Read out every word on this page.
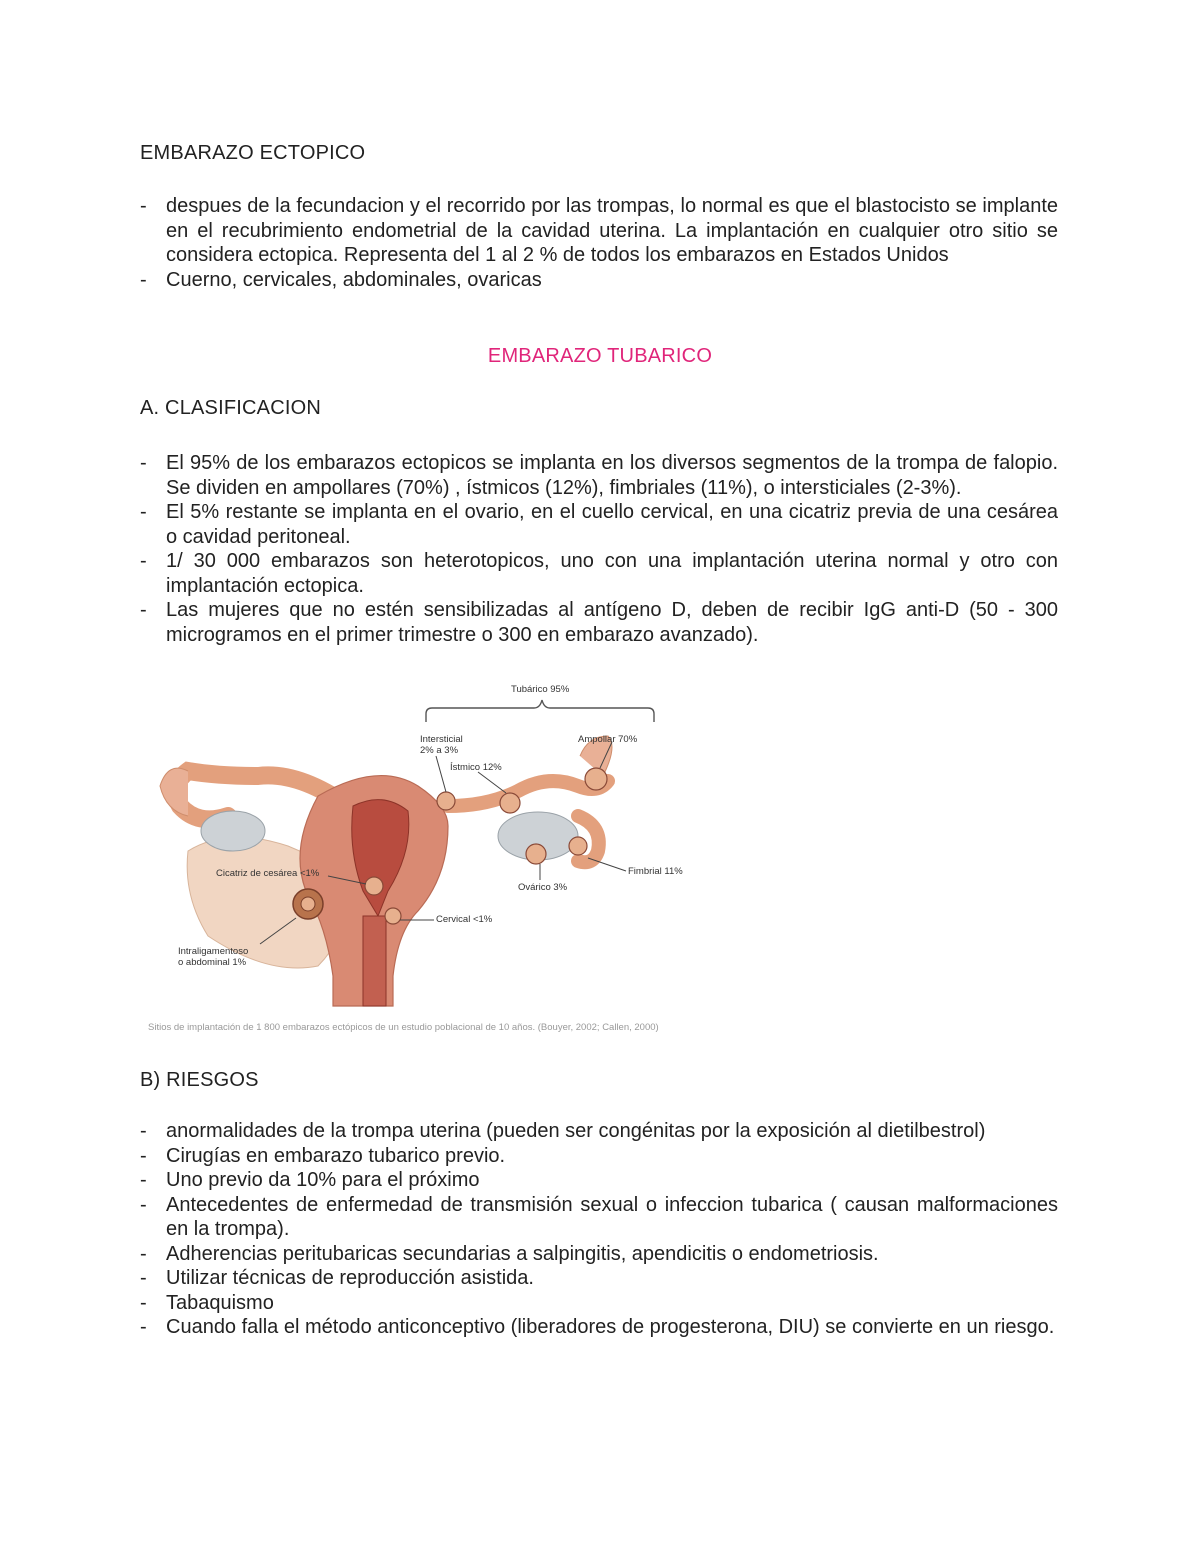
EMBARAZO ECTOPICO
- despues de la fecundacion y el recorrido por las trompas, lo normal es que el blastocisto se implante en el recubrimiento endometrial de la cavidad uterina. La implantación en cualquier otro sitio se considera ectopica. Representa del 1 al 2 % de todos los embarazos en Estados Unidos
- Cuerno, cervicales, abdominales, ovaricas
EMBARAZO TUBARICO
A. CLASIFICACION
- El 95% de los embarazos ectopicos se implanta en los diversos segmentos de la trompa de falopio. Se dividen en ampollares (70%) , ístmicos (12%), fimbriales (11%), o intersticiales (2-3%).
- El 5% restante se implanta en el ovario, en el cuello cervical, en una cicatriz previa de una cesárea o cavidad peritoneal.
- 1/ 30 000 embarazos son heterotopicos, uno con una implantación uterina normal y otro con implantación ectopica.
- Las mujeres que no estén sensibilizadas al antígeno D, deben de recibir IgG anti-D (50 - 300 microgramos en el primer trimestre o 300 en embarazo avanzado).
Tubárico 95%
Intersticial
2% a 3%
Ístmico 12%
Ampollar 70%
Cicatriz de cesárea <1%	Fimbrial 11%
Ovárico 3%
Cervical <1%
Intraligamentoso
o abdominal 1%
Sitios de implantación de 1 800 embarazos ectópicos de un estudio poblacional de 10 años. (Bouyer, 2002; Callen, 2000)
B) RIESGOS
- anormalidades de la trompa uterina (pueden ser congénitas por la exposición al dietilbestrol)
- Cirugías en embarazo tubarico previo.
- Uno previo da 10% para el próximo
- Antecedentes de enfermedad de transmisión sexual o infeccion tubarica ( causan malformaciones en la trompa).
- Adherencias peritubaricas secundarias a salpingitis, apendicitis o endometriosis.
- Utilizar técnicas de reproducción asistida.
- Tabaquismo
- Cuando falla el método anticonceptivo (liberadores de progesterona, DIU) se convierte en un riesgo.
